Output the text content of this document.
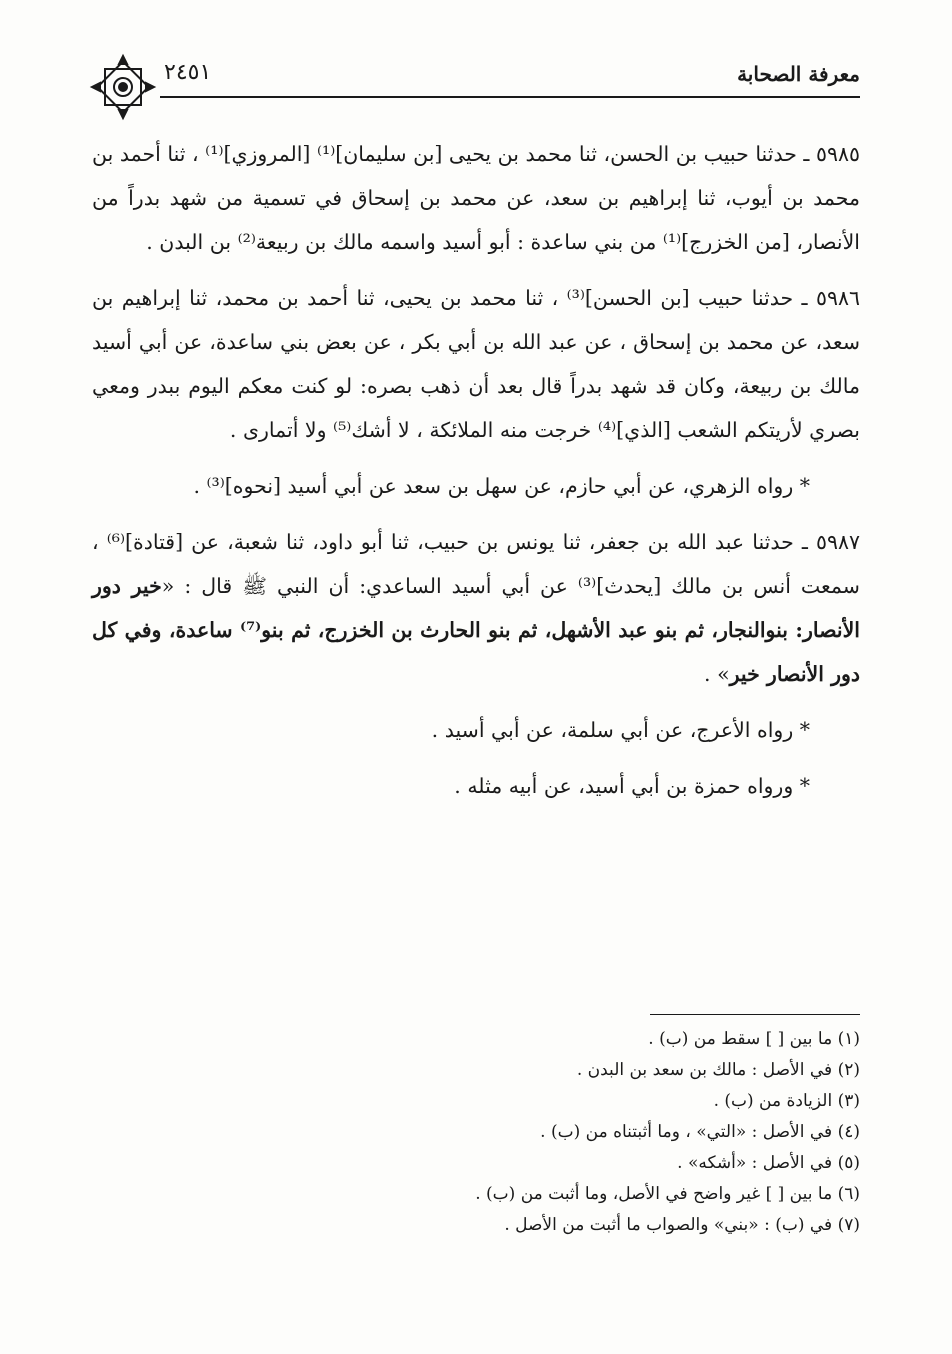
٢٤٥١	معرفة الصحابة

٥٩٨٥ ـ حدثنا حبيب بن الحسن، ثنا محمد بن يحيى [بن سليمان]⁽¹⁾ [المروزي]⁽¹⁾ ، ثنا أحمد بن محمد بن أيوب، ثنا إبراهيم بن سعد، عن محمد بن إسحاق في تسمية من شهد بدراً من الأنصار، [من الخزرج]⁽¹⁾ من بني ساعدة : أبو أسيد واسمه مالك بن ربيعة⁽²⁾ بن البدن .

٥٩٨٦ ـ حدثنا حبيب [بن الحسن]⁽³⁾ ، ثنا محمد بن يحيى، ثنا أحمد بن محمد، ثنا إبراهيم بن سعد، عن محمد بن إسحاق ، عن عبد الله بن أبي بكر ، عن بعض بني ساعدة، عن أبي أسيد مالك بن ربيعة، وكان قد شهد بدراً قال بعد أن ذهب بصره: لو كنت معكم اليوم ببدر ومعي بصري لأريتكم الشعب [الذي]⁽⁴⁾ خرجت منه الملائكة ، لا أشك⁽⁵⁾ ولا أتمارى .

* رواه الزهري، عن أبي حازم، عن سهل بن سعد عن أبي أسيد [نحوه]⁽³⁾ .

٥٩٨٧ ـ حدثنا عبد الله بن جعفر، ثنا يونس بن حبيب، ثنا أبو داود، ثنا شعبة، عن [قتادة]⁽⁶⁾ ، سمعت أنس بن مالك [يحدث]⁽³⁾ عن أبي أسيد الساعدي: أن النبي ﷺ قال : «خير دور الأنصار: بنوالنجار، ثم بنو عبد الأشهل، ثم بنو الحارث بن الخزرج، ثم بنو⁽⁷⁾ ساعدة، وفي كل دور الأنصار خير» .

* رواه الأعرج، عن أبي سلمة، عن أبي أسيد .

* ورواه حمزة بن أبي أسيد، عن أبيه مثله .

(١) ما بين [ ] سقط من (ب) .
(٢) في الأصل : مالك بن سعد بن البدن .
(٣) الزيادة من (ب) .
(٤) في الأصل : «التي» ، وما أثبتناه من (ب) .
(٥) في الأصل : «أشكه» .
(٦) ما بين [ ] غير واضح في الأصل، وما أثبت من (ب) .
(٧) في (ب) : «بني» والصواب ما أثبت من الأصل .
